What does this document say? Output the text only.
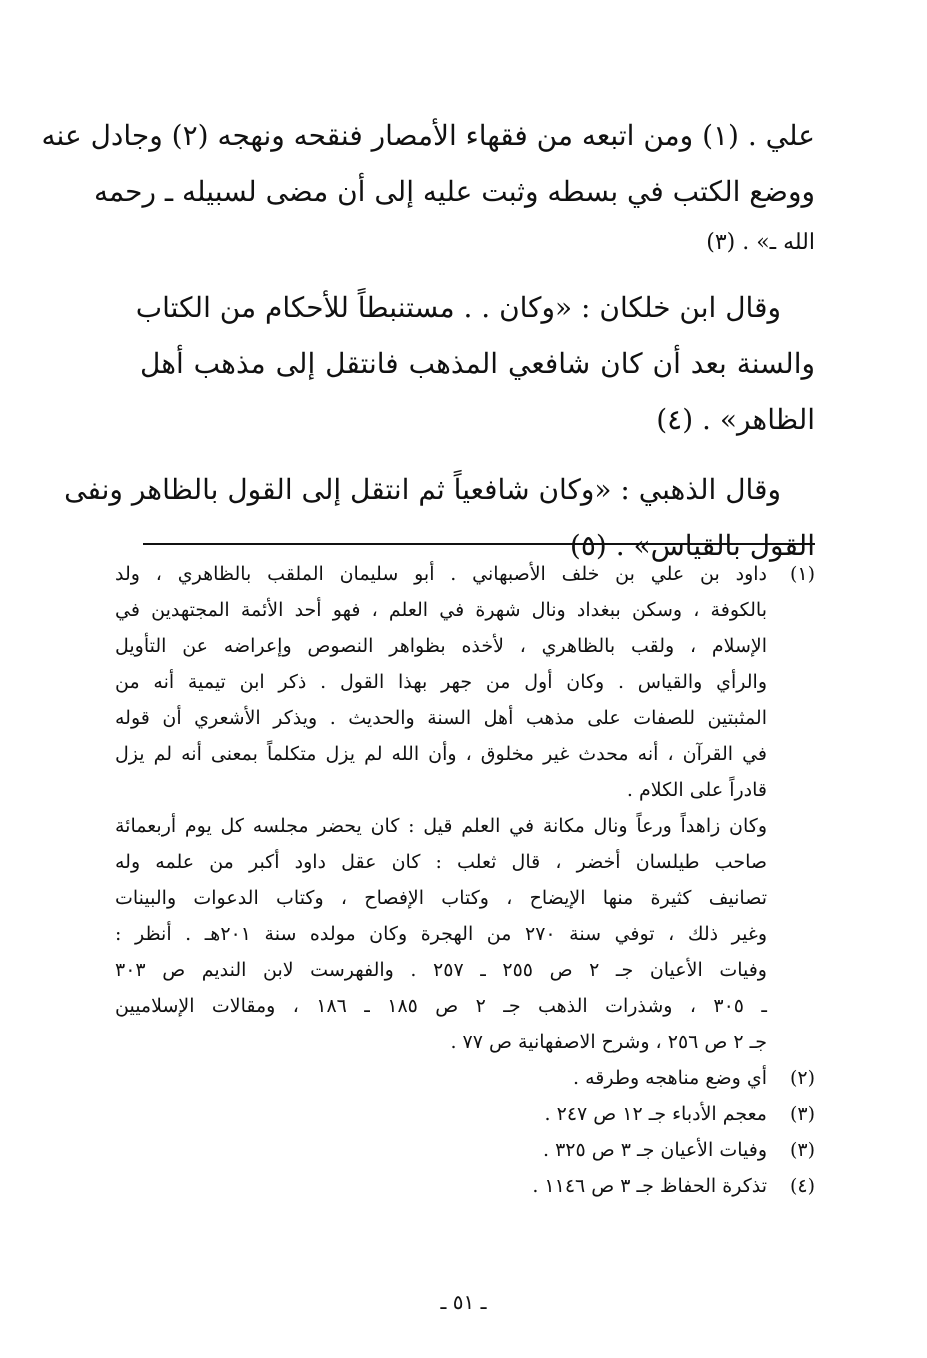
علي . (١) ومن اتبعه من فقهاء الأمصار فنقحه ونهجه (٢) وجادل عنه
ووضع الكتب في بسطه وثبت عليه إلى أن مضى لسبيله ـ رحمه
الله ـ» . (٣)
وقال ابن خلكان : «وكان . . مستنبطاً للأحكام من الكتاب
والسنة بعد أن كان شافعي المذهب فانتقل إلى مذهب أهل
الظاهر» . (٤)
وقال الذهبي : «وكان شافعياً ثم انتقل إلى القول بالظاهر ونفى
القول بالقياس» . (٥)
(١)
داود بن علي بن خلف الأصبهاني . أبو سليمان الملقب بالظاهري ، ولد
بالكوفة ، وسكن ببغداد ونال شهرة في العلم ، فهو أحد الأئمة المجتهدين في
الإسلام ، ولقب بالظاهري ، لأخذه بظواهر النصوص وإعراضه عن التأويل
والرأي والقياس . وكان أول من جهر بهذا القول . ذكر ابن تيمية أنه من
المثبتين للصفات على مذهب أهل السنة والحديث . ويذكر الأشعري أن قوله
في القرآن ، أنه محدث غير مخلوق ، وأن الله لم يزل متكلماً بمعنى أنه لم يزل
قادراً على الكلام .
وكان زاهداً ورعاً ونال مكانة في العلم قيل : كان يحضر مجلسه كل يوم أربعمائة
صاحب طيلسان أخضر ، قال ثعلب : كان عقل داود أكبر من علمه وله
تصانيف كثيرة منها الإيضاح ، وكتاب الإفصاح ، وكتاب الدعوات والبينات
وغير ذلك ، توفي سنة ٢٧٠ من الهجرة وكان مولده سنة ٢٠١هـ . أنظر :
وفيات الأعيان جـ ٢ ص ٢٥٥ ـ ٢٥٧ . والفهرست لابن النديم ص ٣٠٣
ـ ٣٠٥ ، وشذرات الذهب جـ ٢ ص ١٨٥ ـ ١٨٦ ، ومقالات الإسلاميين
جـ ٢ ص ٢٥٦ ، وشرح الاصفهانية ص ٧٧ .
(٢)
أي وضع مناهجه وطرقه .
(٣)
معجم الأدباء جـ ١٢ ص ٢٤٧ .
(٣)
وفيات الأعيان جـ ٣ ص ٣٢٥ .
(٤)
تذكرة الحفاظ جـ ٣ ص ١١٤٦ .
ـ ٥١ ـ
